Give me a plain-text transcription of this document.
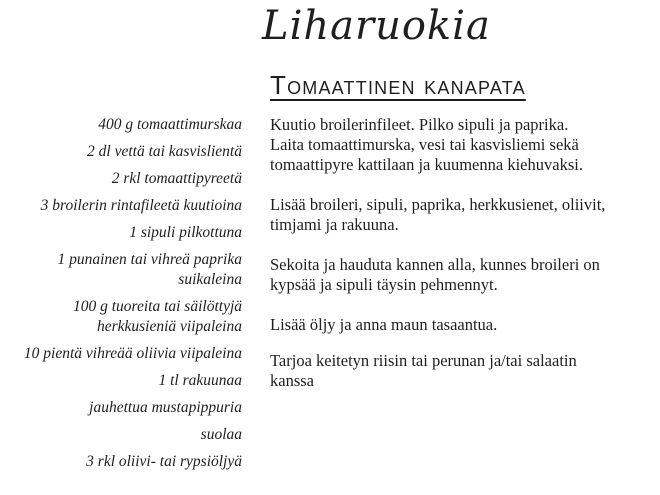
Liharuokia
Tomaattinen kanapata
400 g tomaattimurskaa
2 dl vettä tai kasvislientä
2 rkl tomaattipyreetä
3 broilerin rintafileetä kuutioina
1 sipuli pilkottuna
1 punainen tai vihreä paprika
suikaleina
100 g tuoreita tai säilöttyjä
herkkusieniä viipaleina
10 pientä vihreää oliivia viipaleina
1 tl rakuunaa
jauhettua mustapippuria
suolaa
3 rkl oliivi- tai rypsiöljyä

Kuutio broilerinfileet. Pilko sipuli ja paprika.

Laita tomaattimurska, vesi tai kasvisliemi sekä

tomaattipyre kattilaan ja kuumenna kiehuvaksi.

Lisää broileri, sipuli, paprika, herkkusienet, oliivit,

timjami ja rakuuna.

Sekoita ja hauduta kannen alla, kunnes broileri on

kypsää ja sipuli täysin pehmennyt.

Lisää öljy ja anna maun tasaantua.

Tarjoa keitetyn riisin tai perunan ja/tai salaatin

kanssa
